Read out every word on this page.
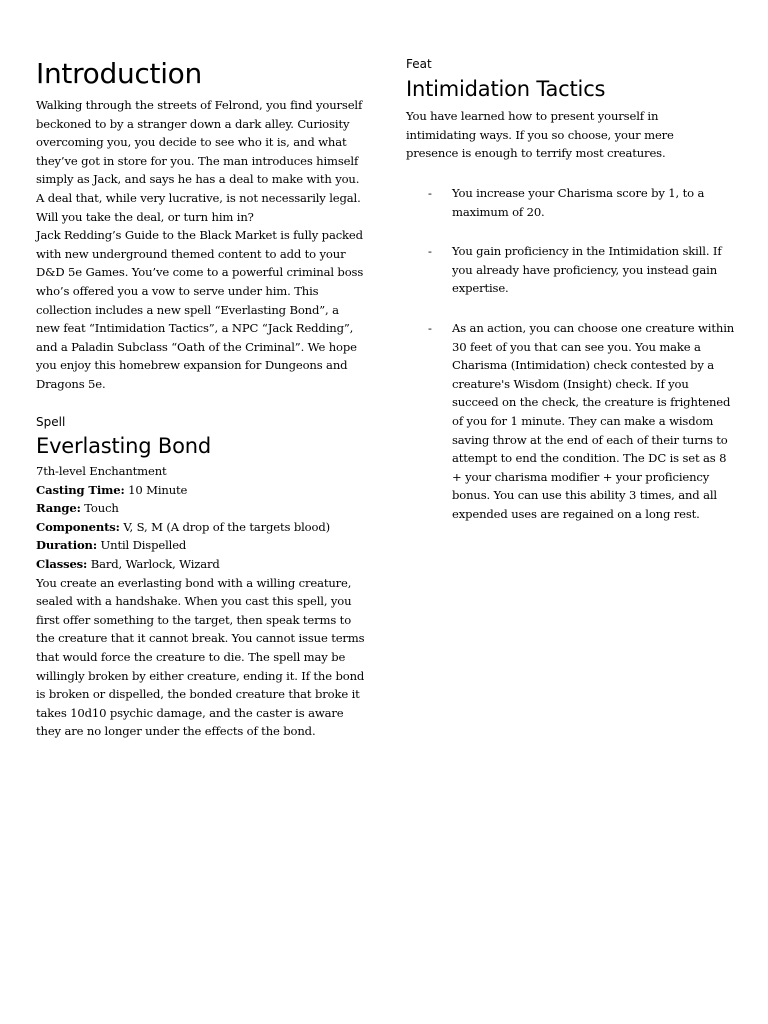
Introduction

Walking through the streets of Felrond, you find yourself beckoned to by a stranger down a dark alley. Curiosity overcoming you, you decide to see who it is, and what they’ve got in store for you. The man introduces himself simply as Jack, and says he has a deal to make with you. A deal that, while very lucrative, is not necessarily legal. Will you take the deal, or turn him in?

Jack Redding’s Guide to the Black Market is fully packed with new underground themed content to add to your D&D 5e Games. You’ve come to a powerful criminal boss who’s offered you a vow to serve under him. This collection includes a new spell “Everlasting Bond”, a new feat “Intimidation Tactics”, a NPC “Jack Redding”, and a Paladin Subclass “Oath of the Criminal”. We hope you enjoy this homebrew expansion for Dungeons and Dragons 5e.

Spell

Everlasting Bond

7th-level Enchantment

Casting Time: 10 Minute

Range: Touch

Components: V, S, M (A drop of the targets blood)

Duration: Until Dispelled

Classes: Bard, Warlock, Wizard

You create an everlasting bond with a willing creature, sealed with a handshake. When you cast this spell, you first offer something to the target, then speak terms to the creature that it cannot break. You cannot issue terms that would force the creature to die. The spell may be willingly broken by either creature, ending it. If the bond is broken or dispelled, the bonded creature that broke it takes 10d10 psychic damage, and the caster is aware they are no longer under the effects of the bond.

Feat

Intimidation Tactics

You have learned how to present yourself in intimidating ways. If you so choose, your mere presence is enough to terrify most creatures.

- You increase your Charisma score by 1, to a maximum of 20.

- You gain proficiency in the Intimidation skill. If you already have proficiency, you instead gain expertise.

- As an action, you can choose one creature within 30 feet of you that can see you. You make a Charisma (Intimidation) check contested by a creature's Wisdom (Insight) check. If you succeed on the check, the creature is frightened of you for 1 minute. They can make a wisdom saving throw at the end of each of their turns to attempt to end the condition. The DC is set as 8 + your charisma modifier + your proficiency bonus. You can use this ability 3 times, and all expended uses are regained on a long rest.
